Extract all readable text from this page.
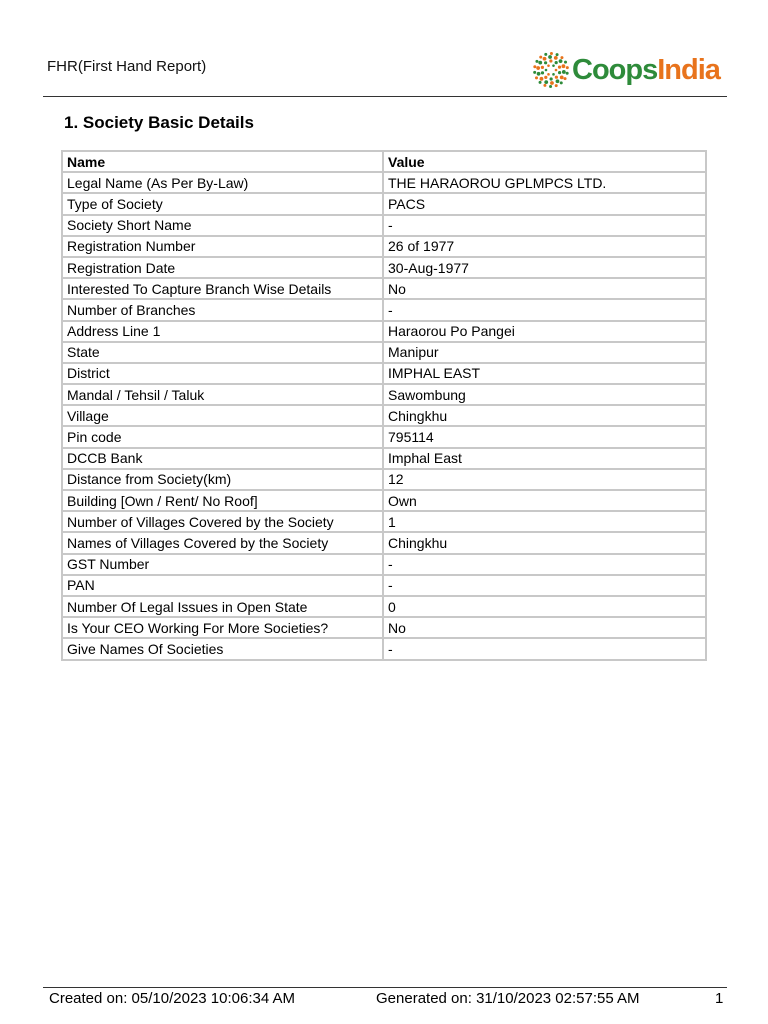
FHR(First Hand Report)	CoopsIndia
1. Society Basic Details
Name	Value
Legal Name (As Per By-Law)	THE HARAOROU GPLMPCS LTD.
Type of Society	PACS
Society Short Name	-
Registration Number	26 of 1977
Registration Date	30-Aug-1977
Interested To Capture Branch Wise Details	No
Number of Branches	-
Address Line 1	Haraorou Po Pangei
State	Manipur
District	IMPHAL EAST
Mandal / Tehsil / Taluk	Sawombung
Village	Chingkhu
Pin code	795114
DCCB Bank	Imphal East
Distance from Society(km)	12
Building [Own / Rent/ No Roof]	Own
Number of Villages Covered by the Society	1
Names of Villages Covered by the Society	Chingkhu
GST Number	-
PAN	-
Number Of Legal Issues in Open State	0
Is Your CEO Working For More Societies?	No
Give Names Of Societies	-
Created on: 05/10/2023 10:06:34 AM	Generated on: 31/10/2023 02:57:55 AM	1
